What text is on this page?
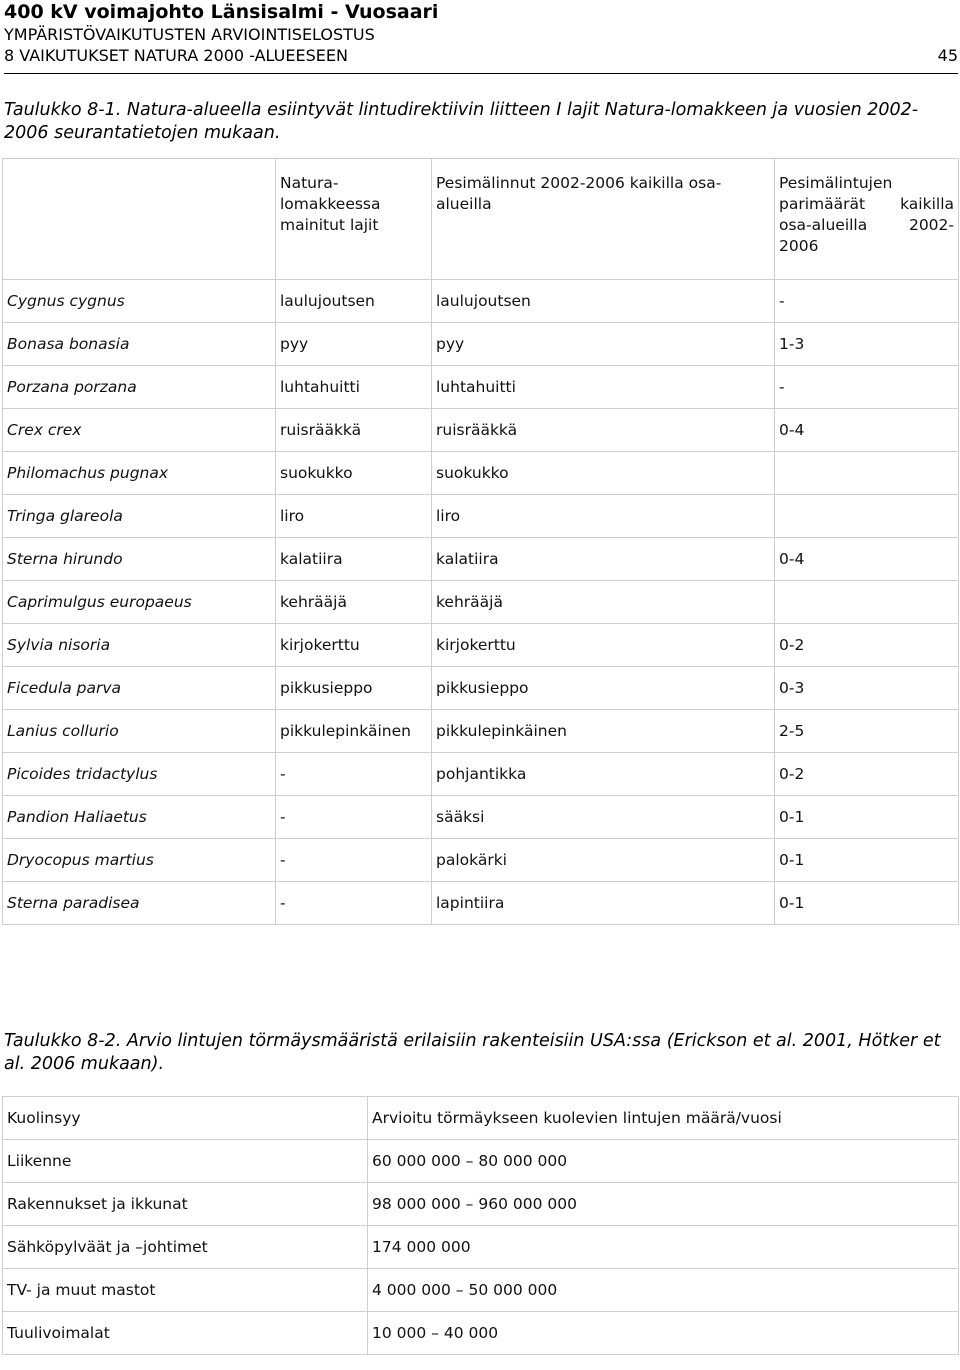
400 kV voimajohto Länsisalmi - Vuosaari
YMPÄRISTÖVAIKUTUSTEN ARVIOINTISELOSTUS
8 VAIKUTUKSET NATURA 2000 -ALUEESEEN	45
Taulukko 8-1. Natura-alueella esiintyvät lintudirektiivin liitteen I lajit Natura-lomakkeen ja vuosien 2002-2006 seurantatietojen mukaan.
	Natura-lomakkeessa mainitut lajit	Pesimälinnut 2002-2006 kaikilla osa-alueilla	Pesimälintujen parimäärät kaikilla osa-alueilla 2002-2006
Cygnus cygnus	laulujoutsen	laulujoutsen	-
Bonasa bonasia	pyy	pyy	1-3
Porzana porzana	luhtahuitti	luhtahuitti	-
Crex crex	ruisrääkkä	ruisrääkkä	0-4
Philomachus pugnax	suokukko	suokukko	
Tringa glareola	liro	liro	
Sterna hirundo	kalatiira	kalatiira	0-4
Caprimulgus europaeus	kehrääjä	kehrääjä	
Sylvia nisoria	kirjokerttu	kirjokerttu	0-2
Ficedula parva	pikkusieppo	pikkusieppo	0-3
Lanius collurio	pikkulepinkäinen	pikkulepinkäinen	2-5
Picoides tridactylus	-	pohjantikka	0-2
Pandion Haliaetus	-	sääksi	0-1
Dryocopus martius	-	palokärki	0-1
Sterna paradisea	-	lapintiira	0-1
Taulukko 8-2. Arvio lintujen törmäysmääristä erilaisiin rakenteisiin USA:ssa (Erickson et al. 2001, Hötker et al. 2006 mukaan).
Kuolinsyy	Arvioitu törmäykseen kuolevien lintujen määrä/vuosi
Liikenne	60 000 000 – 80 000 000
Rakennukset ja ikkunat	98 000 000 – 960 000 000
Sähköpylväät ja –johtimet	174 000 000
TV- ja muut mastot	4 000 000 – 50 000 000
Tuulivoimalat	10 000 – 40 000
